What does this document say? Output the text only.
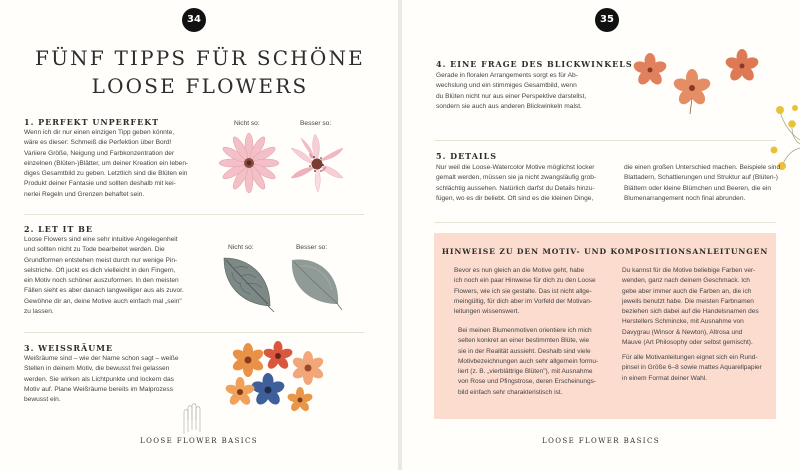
34
FÜNF TIPPS FÜR SCHÖNE
LOOSE FLOWERS
1. PERFEKT UNPERFEKT
Wenn ich dir nur einen einzigen Tipp geben könnte,
wäre es dieser: Schmeiß die Perfektion über Bord!
Variiere Größe, Neigung und Farbkonzentration der
einzelnen (Blüten-)Blätter, um deiner Kreation ein leben-
diges Gesamtbild zu geben. Letztlich sind die Blüten ein
Produkt deiner Fantasie und sollten deshalb mit kei-
nerlei Regeln und Grenzen behaftet sein.
Nicht so:	Besser so:
2. LET IT BE
Loose Flowers sind eine sehr intuitive Angelegenheit
und sollten nicht zu Tode bearbeitet werden. Die
Grundformen entstehen meist durch nur wenige Pin-
selstriche. Oft juckt es dich vielleicht in den Fingern,
ein Motiv noch schöner auszuformen. In den meisten
Fällen sieht es aber danach langweiliger aus als zuvor.
Gewöhne dir an, deine Motive auch einfach mal „sein"
zu lassen.
Nicht so:	Besser so:
3. WEISSRÄUME
Weißräume sind – wie der Name schon sagt – weiße
Stellen in deinem Motiv, die bewusst frei gelassen
werden. Sie wirken als Lichtpunkte und lockern das
Motiv auf. Plane Weißräume bereits im Malprozess
bewusst ein.
LOOSE FLOWER BASICS
35
4. EINE FRAGE DES BLICKWINKELS
Gerade in floralen Arrangements sorgt es für Ab-
wechslung und ein stimmiges Gesamtbild, wenn
du Blüten nicht nur aus einer Perspektive darstellst,
sondern sie auch aus anderen Blickwinkeln malst.
5. DETAILS
Nur weil die Loose-Watercolor Motive möglichst locker
gemalt werden, müssen sie ja nicht zwangsläufig grob-
schlächtig aussehen. Natürlich darfst du Details hinzu-
fügen, wo es dir beliebt. Oft sind es die kleinen Dinge,
die einen großen Unterschied machen. Beispiele sind
Blattadern, Schattierungen und Struktur auf (Blüten-)
Blättern oder kleine Blümchen und Beeren, die ein
Blumenarrangement noch final abrunden.
HINWEISE ZU DEN MOTIV- UND KOMPOSITIONSANLEITUNGEN
Bevor es nun gleich an die Motive geht, habe
ich noch ein paar Hinweise für dich zu den Loose
Flowers, wie ich sie gestalte. Das ist nicht allge-
meingültig, für dich aber im Vorfeld der Motivan-
leitungen wissenswert.
Bei meinen Blumenmotiven orientiere ich mich
selten konkret an einer bestimmten Blüte, wie
sie in der Realität aussieht. Deshalb sind viele
Motivbezeichnungen auch sehr allgemein formu-
liert (z. B. „vierblättrige Blüten"), mit Ausnahme
von Rose und Pfingstrose, deren Erscheinungs-
bild einfach sehr charakteristisch ist.
Du kannst für die Motive beliebige Farben ver-
wenden, ganz nach deinem Geschmack. Ich
gebe aber immer auch die Farben an, die ich
jeweils benutzt habe. Die meisten Farbnamen
beziehen sich dabei auf die Handelsnamen des
Herstellers Schmincke, mit Ausnahme von
Davygrau (Winsor & Newton), Altrosa und
Mauve (Art Philosophy oder selbst gemischt).
Für alle Motivanleitungen eignet sich ein Rund-
pinsel in Größe 6–8 sowie mattes Aquarellpapier
in einem Format deiner Wahl.
LOOSE FLOWER BASICS
